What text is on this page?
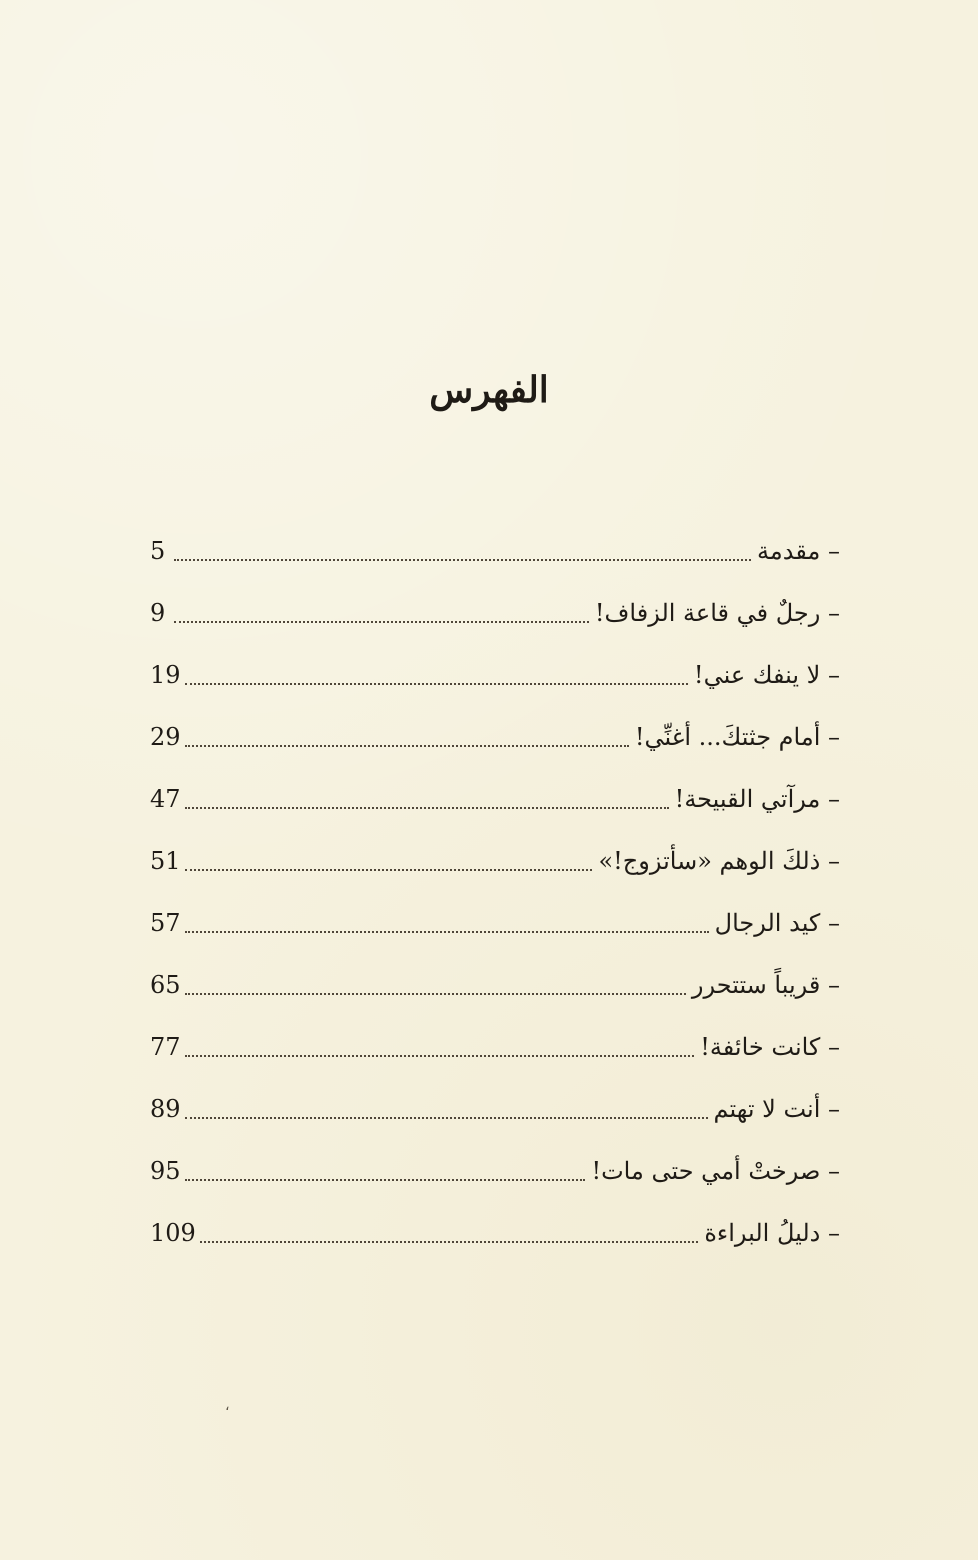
الفهرس
– مقدمة
5
– رجلٌ في قاعة الزفاف!
9
– لا ينفك عني!
19
– أمام جثتكَ... أغنِّي!
29
– مرآتي القبيحة!
47
– ذلكَ الوهم «سأتزوج!»
51
– كيد الرجال
57
– قريباً ستتحرر
65
– كانت خائفة!
77
– أنت لا تهتم
89
– صرختْ أمي حتى مات!
95
– دليلُ البراءة
109
،
